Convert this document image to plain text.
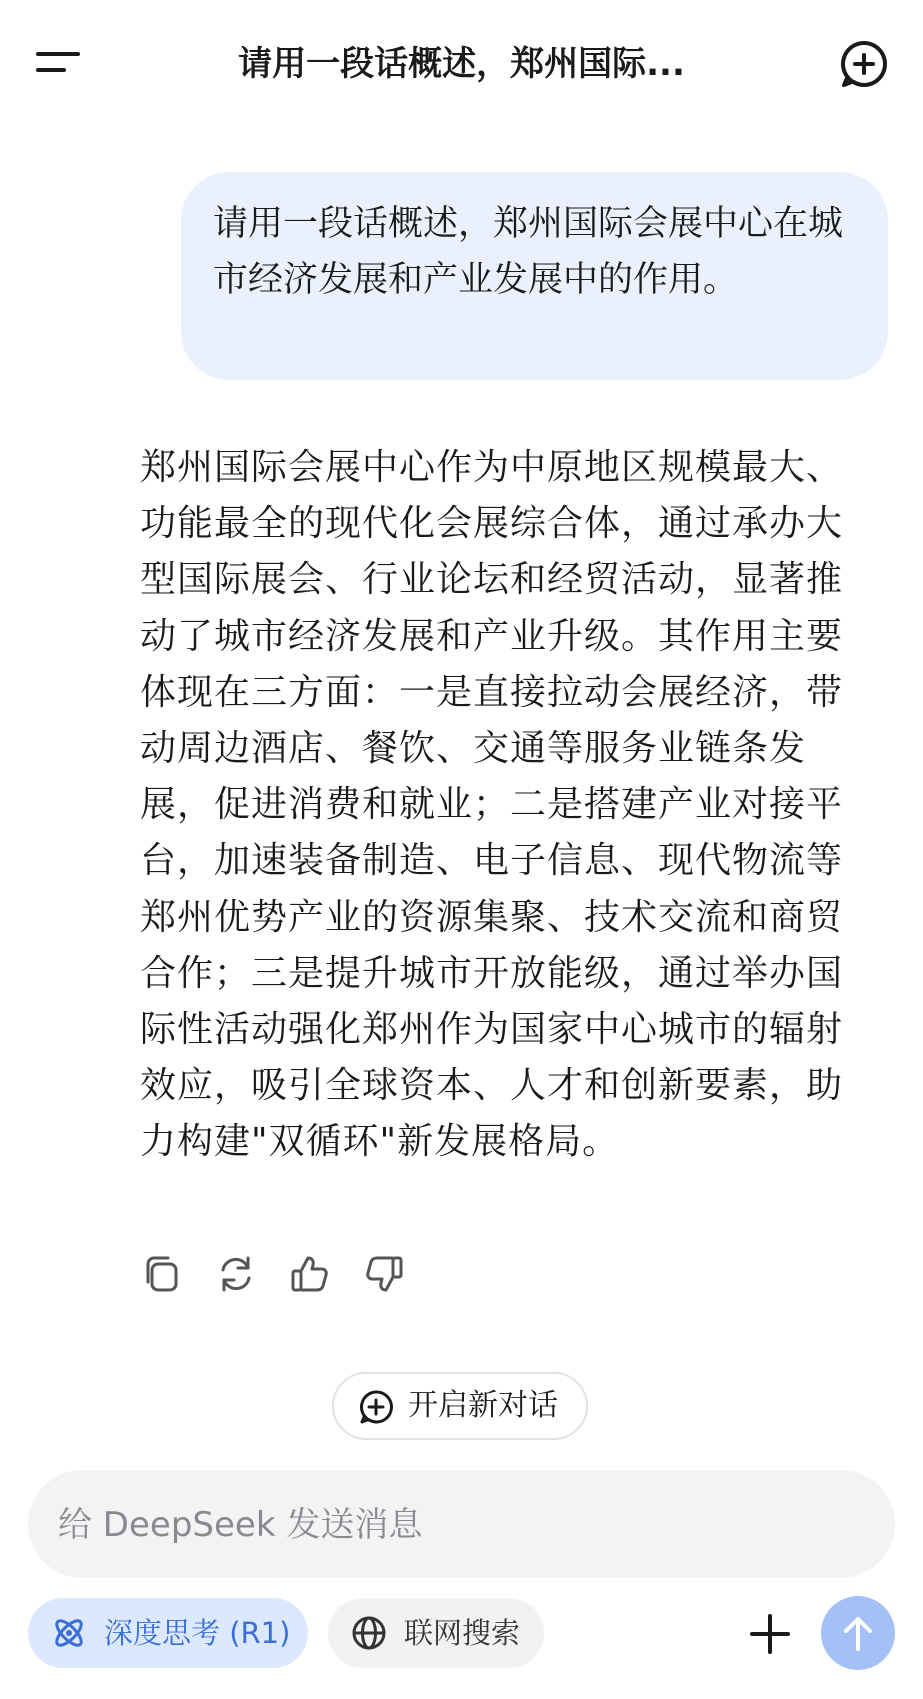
请用一段话概述，郑州国际...
请用一段话概述，郑州国际会展中心在城市经济发展和产业发展中的作用。
郑州国际会展中心作为中原地区规模最大、功能最全的现代化会展综合体，通过承办大型国际展会、行业论坛和经贸活动，显著推动了城市经济发展和产业升级。其作用主要体现在三方面：一是直接拉动会展经济，带动周边酒店、餐饮、交通等服务业链条发展，促进消费和就业；二是搭建产业对接平台，加速装备制造、电子信息、现代物流等郑州优势产业的资源集聚、技术交流和商贸合作；三是提升城市开放能级，通过举办国际性活动强化郑州作为国家中心城市的辐射效应，吸引全球资本、人才和创新要素，助力构建"双循环"新发展格局。
开启新对话
给 DeepSeek 发送消息
深度思考 (R1)	联网搜索
